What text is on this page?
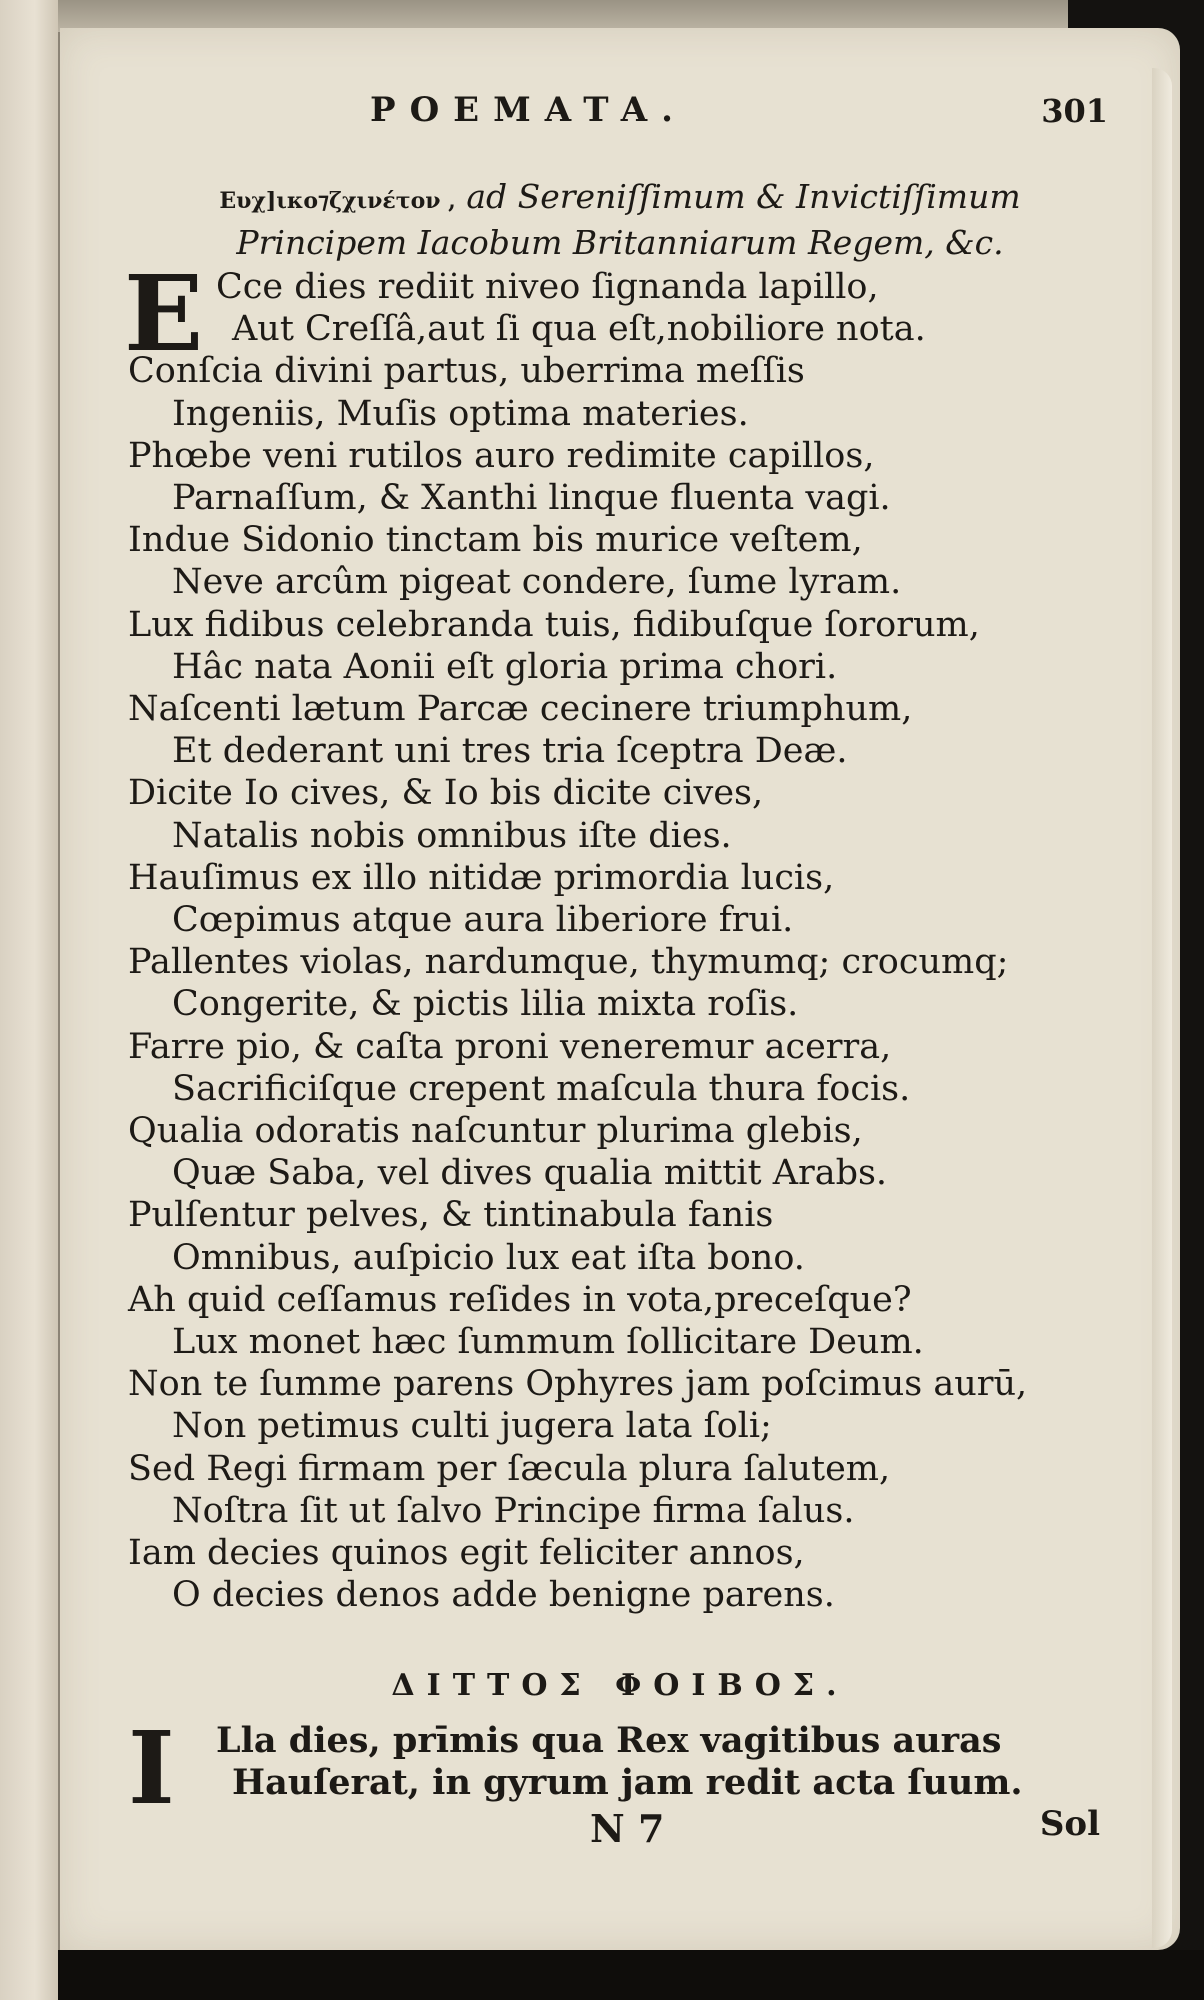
POEMATA.	301
Ευχ]ικο⁊ζχινέτον , ad Sereniſſimum & Invictiſſimum
Principem Iacobum Britanniarum Regem, &c.
E Cce dies rediit niveo ſignanda lapillo,
Aut Creſſâ,aut ſi qua eſt,nobiliore nota.
Conſcia divini partus, uberrima meſſis
Ingeniis, Muſis optima materies.
Phœbe veni rutilos auro redimite capillos,
Parnaſſum, & Xanthi linque fluenta vagi.
Indue Sidonio tinctam bis murice veſtem,
Neve arcûm pigeat condere, ſume lyram.
Lux fidibus celebranda tuis, fidibuſque ſororum,
Hâc nata Aonii eſt gloria prima chori.
Naſcenti lætum Parcæ cecinere triumphum,
Et dederant uni tres tria ſceptra Deæ.
Dicite Io cives, & Io bis dicite cives,
Natalis nobis omnibus iſte dies.
Hauſimus ex illo nitidæ primordia lucis,
Cœpimus atque aura liberiore frui.
Pallentes violas, nardumque, thymumq; crocumq;
Congerite, & pictis lilia mixta roſis.
Farre pio, & caſta proni veneremur acerra,
Sacrificiſque crepent maſcula thura focis.
Qualia odoratis naſcuntur plurima glebis,
Quæ Saba, vel dives qualia mittit Arabs.
Pulſentur pelves, & tintinabula fanis
Omnibus, auſpicio lux eat iſta bono.
Ah quid ceſſamus reſides in vota,preceſque?
Lux monet hæc ſummum ſollicitare Deum.
Non te ſumme parens Ophyres jam poſcimus aurū,
Non petimus culti jugera lata ſoli;
Sed Regi firmam per ſæcula plura ſalutem,
Noſtra ſit ut ſalvo Principe firma ſalus.
Iam decies quinos egit feliciter annos,
O decies denos adde benigne parens.
ΔΙΤΤΟΣ ΦΟΙΒΟΣ.
I	Lla dies, prīmis qua Rex vagitibus auras
Hauſerat, in gyrum jam redit acta ſuum.
N 7	Sol
